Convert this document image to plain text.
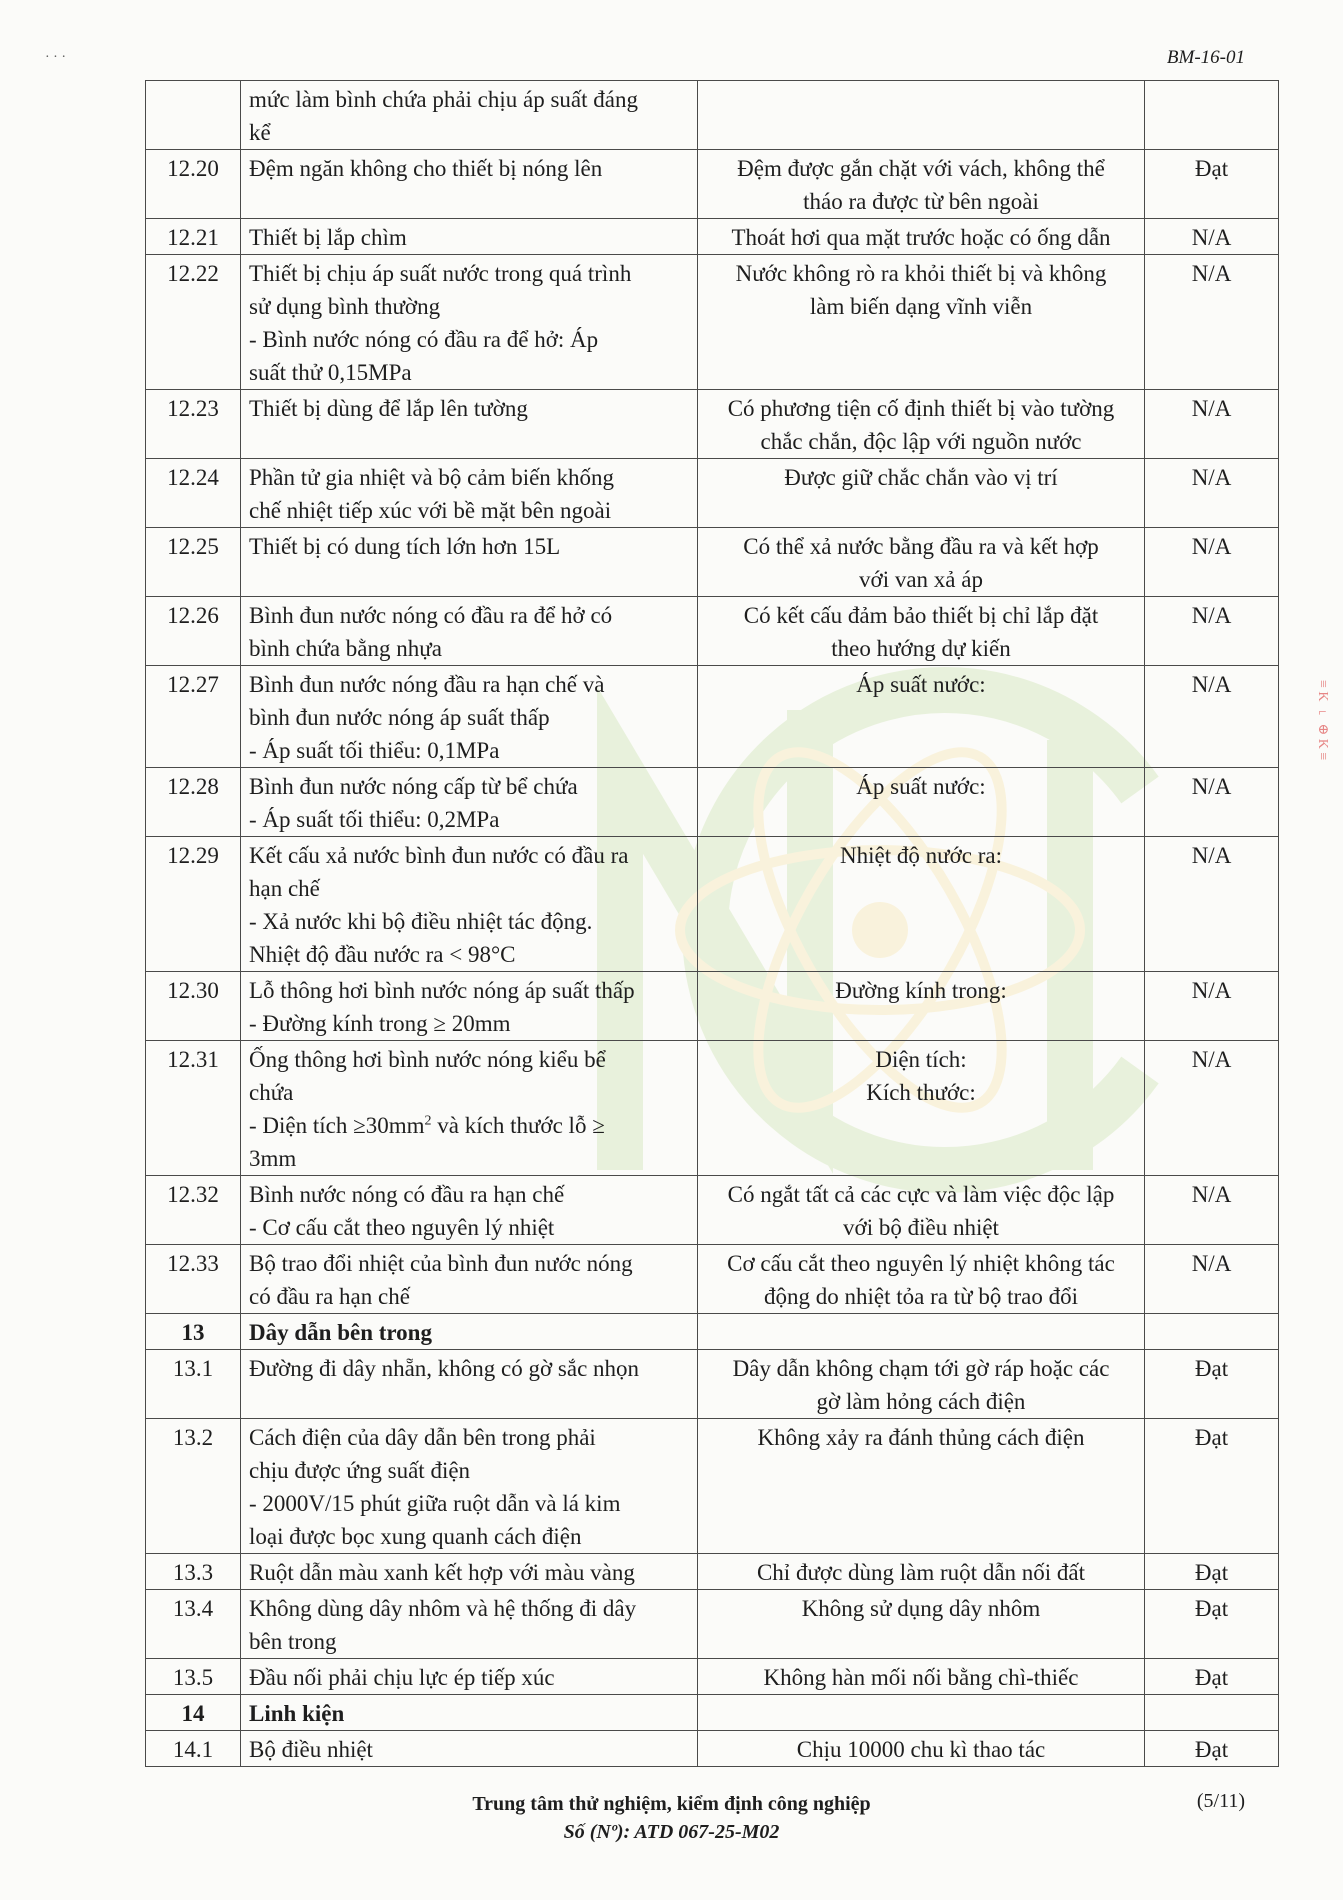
· · ·	BM-16-01
≡ K ⌐ ⊕ K ≡
	mức làm bình chứa phải chịu áp suất đáng
kể		
12.20	Đệm ngăn không cho thiết bị nóng lên	Đệm được gắn chặt với vách, không thể
tháo ra được từ bên ngoài	Đạt
12.21	Thiết bị lắp chìm	Thoát hơi qua mặt trước hoặc có ống dẫn	N/A
12.22	Thiết bị chịu áp suất nước trong quá trình
sử dụng bình thường
- Bình nước nóng có đầu ra để hở: Áp
suất thử 0,15MPa	Nước không rò ra khỏi thiết bị và không
làm biến dạng vĩnh viễn	N/A
12.23	Thiết bị dùng để lắp lên tường	Có phương tiện cố định thiết bị vào tường
chắc chắn, độc lập với nguồn nước	N/A
12.24	Phần tử gia nhiệt và bộ cảm biến khống
chế nhiệt tiếp xúc với bề mặt bên ngoài	Được giữ chắc chắn vào vị trí	N/A
12.25	Thiết bị có dung tích lớn hơn 15L	Có thể xả nước bằng đầu ra và kết hợp
với van xả áp	N/A
12.26	Bình đun nước nóng có đầu ra để hở có
bình chứa bằng nhựa	Có kết cấu đảm bảo thiết bị chỉ lắp đặt
theo hướng dự kiến	N/A
12.27	Bình đun nước nóng đầu ra hạn chế và
bình đun nước nóng áp suất thấp
- Áp suất tối thiểu: 0,1MPa	Áp suất nước:	N/A
12.28	Bình đun nước nóng cấp từ bể chứa
- Áp suất tối thiểu: 0,2MPa	Áp suất nước:	N/A
12.29	Kết cấu xả nước bình đun nước có đầu ra
hạn chế
- Xả nước khi bộ điều nhiệt tác động.
Nhiệt độ đầu nước ra < 98°C	Nhiệt độ nước ra:	N/A
12.30	Lỗ thông hơi bình nước nóng áp suất thấp
- Đường kính trong ≥ 20mm	Đường kính trong:	N/A
12.31	Ống thông hơi bình nước nóng kiểu bể
chứa
- Diện tích $\ge 30mm^2$ và kích thước lỗ ≥
3mm	Diện tích:
Kích thước:	N/A
12.32	Bình nước nóng có đầu ra hạn chế
- Cơ cấu cắt theo nguyên lý nhiệt	Có ngắt tất cả các cực và làm việc độc lập
với bộ điều nhiệt	N/A
12.33	Bộ trao đổi nhiệt của bình đun nước nóng
có đầu ra hạn chế	Cơ cấu cắt theo nguyên lý nhiệt không tác
động do nhiệt tỏa ra từ bộ trao đổi	N/A
13	Dây dẫn bên trong		
13.1	Đường đi dây nhẵn, không có gờ sắc nhọn	Dây dẫn không chạm tới gờ ráp hoặc các
gờ làm hỏng cách điện	Đạt
13.2	Cách điện của dây dẫn bên trong phải
chịu được ứng suất điện
- 2000V/15 phút giữa ruột dẫn và lá kim
loại được bọc xung quanh cách điện	Không xảy ra đánh thủng cách điện	Đạt
13.3	Ruột dẫn màu xanh kết hợp với màu vàng	Chỉ được dùng làm ruột dẫn nối đất	Đạt
13.4	Không dùng dây nhôm và hệ thống đi dây
bên trong	Không sử dụng dây nhôm	Đạt
13.5	Đầu nối phải chịu lực ép tiếp xúc	Không hàn mối nối bằng chì-thiếc	Đạt
14	Linh kiện		
14.1	Bộ điều nhiệt	Chịu 10000 chu kì thao tác	Đạt
Trung tâm thử nghiệm, kiểm định công nghiệp
Số (Nº): ATD 067-25-M02
(5/11)
